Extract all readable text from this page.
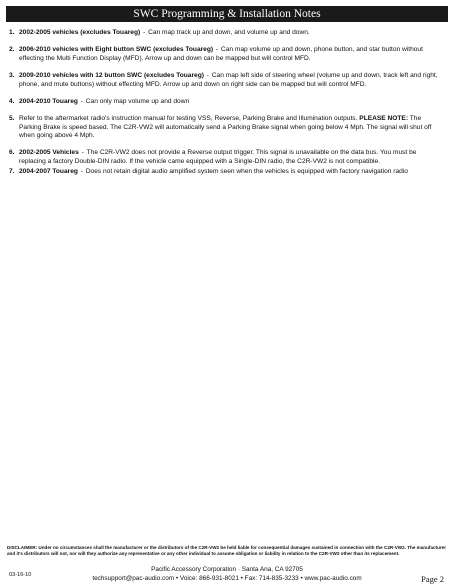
SWC Programming & Installation Notes
1. 2002-2005 vehicles (excludes Touareg) - Can map track up and down, and volume up and down.
2. 2006-2010 vehicles with Eight button SWC (excludes Touareg) - Can map volume up and down, phone button, and star button without effecting the Multi Function Display (MFD). Arrow up and down can be mapped but will control MFD.
3. 2009-2010 vehicles with 12 button SWC (excludes Touareg) - Can map left side of steering wheel (volume up and down, track left and right, phone, and mute buttons) without effecting MFD. Arrow up and down on right side can be mapped but will control MFD.
4. 2004-2010 Touareg - Can only map volume up and down
5. Refer to the aftermarket radio's instruction manual for testing VSS, Reverse, Parking Brake and Illumination outputs. PLEASE NOTE: The Parking Brake is speed based. The C2R-VW2 will automatically send a Parking Brake signal when going below 4 Mph. The signal will shut off when going above 4 Mph.
6. 2002-2005 Vehicles - The C2R-VW2 does not provide a Reverse output trigger. This signal is unavailable on the data bus. You must be replacing a factory Double-DIN radio. If the vehicle came equipped with a Single-DIN radio, the C2R-VW2 is not compatible.
7. 2004-2007 Touareg - Does not retain digital audio amplified system seen when the vehicles is equipped with factory navigation radio

DISCLAIMER: Under no circumstances shall the manufacturer or the distributors of the C2R-VW2 be held liable for consequential damages sustained in connection with the C2R-VW2. The manufacturer and it's distributors will not, nor will they authorize any representative or any other individual to assume obligation or liability in relation to the C2R-VW2 other than its replacement.

03-16-10
Pacific Accessory Corporation · Santa Ana, CA 92705
techsupport@pac-audio.com • Voice: 866-931-8021 • Fax: 714-835-3233 • www.pac-audio.com	Page 2
